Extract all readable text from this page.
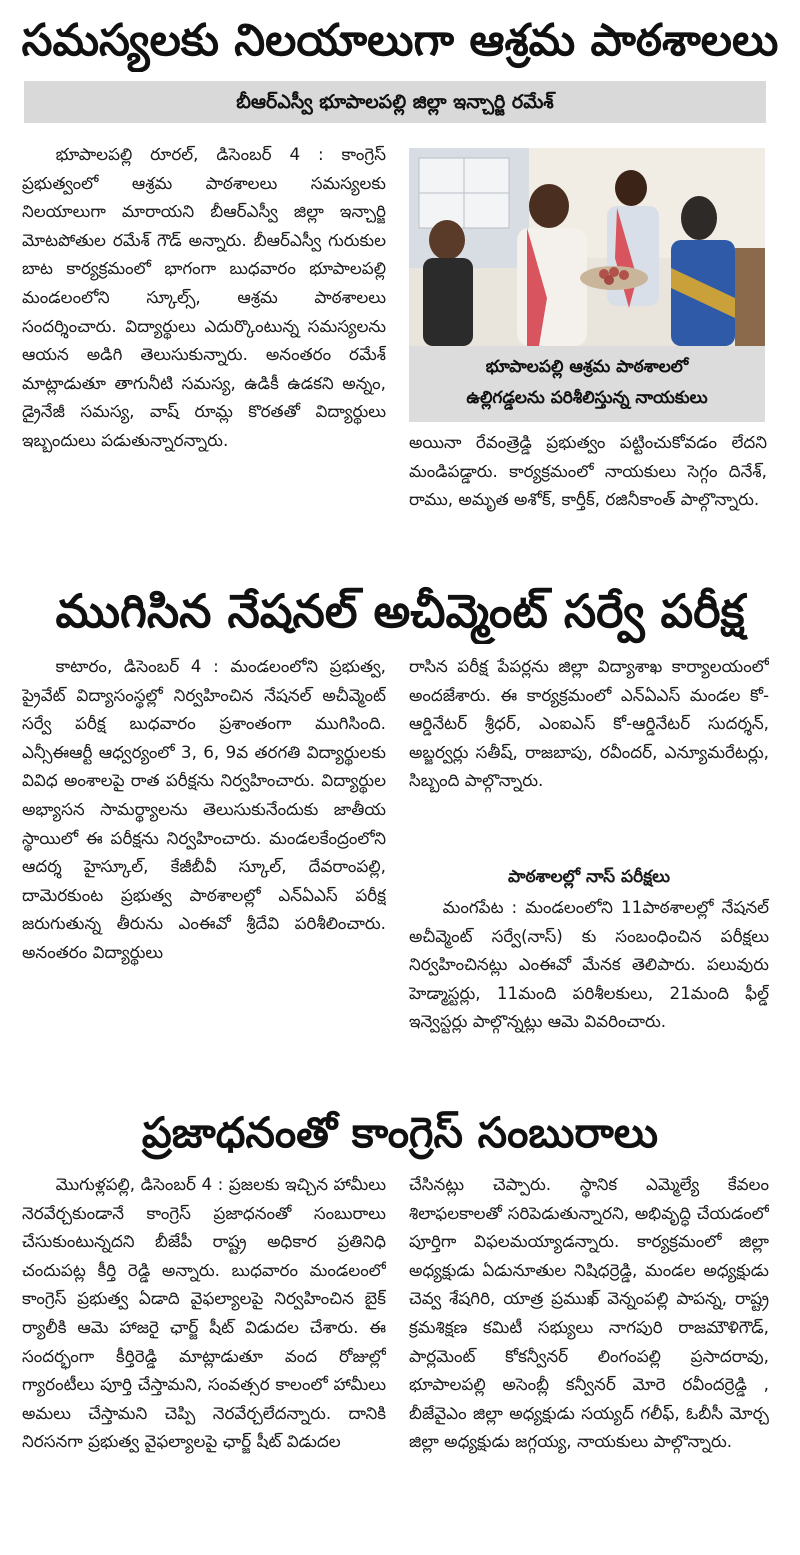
సమస్యలకు నిలయాలుగా ఆశ్రమ పాఠశాలలు
బీఆర్ఎస్వీ భూపాలపల్లి జిల్లా ఇన్చార్జి రమేశ్

భూపాలపల్లి రూరల్, డిసెంబర్ 4 : కాంగ్రెస్ ప్రభుత్వంలో ఆశ్రమ పాఠశాలలు సమస్యలకు నిలయాలుగా మారాయని బీఆర్ఎస్వీ జిల్లా ఇన్చార్జి మోటపోతుల రమేశ్ గౌడ్ అన్నారు. బీఆర్ఎస్వీ గురుకుల బాట కార్యక్రమంలో భాగంగా బుధవారం భూపాలపల్లి మండలంలోని స్కూల్స్, ఆశ్రమ పాఠశాలలు సందర్శించారు. విద్యార్థులు ఎదుర్కొంటున్న సమస్యలను ఆయన అడిగి తెలుసుకున్నారు. అనంతరం రమేశ్ మాట్లాడుతూ తాగునీటి సమస్య, ఉడికీ ఉడకని అన్నం, డ్రైనేజీ సమస్య, వాష్ రూమ్ల కొరతతో విద్యార్థులు ఇబ్బందులు పడుతున్నారన్నారు.

భూపాలపల్లి ఆశ్రమ పాఠశాలలో
ఉల్లిగడ్డలను పరిశీలిస్తున్న నాయకులు

అయినా రేవంత్రెడ్డి ప్రభుత్వం పట్టించుకోవడం లేదని మండిపడ్డారు. కార్యక్రమంలో నాయకులు సెగ్గం దినేశ్, రాము, అమృత అశోక్, కార్తీక్, రజినీకాంత్ పాల్గొన్నారు.

ముగిసిన నేషనల్ అచీవ్మెంట్ సర్వే పరీక్ష

కాటారం, డిసెంబర్ 4 : మండలంలోని ప్రభుత్వ, ప్రైవేట్ విద్యాసంస్థల్లో నిర్వహించిన నేషనల్ అచీవ్మెంట్ సర్వే పరీక్ష బుధవారం ప్రశాంతంగా ముగిసింది. ఎన్సీఈఆర్టీ ఆధ్వర్యంలో 3, 6, 9వ తరగతి విద్యార్థులకు వివిధ అంశాలపై రాత పరీక్షను నిర్వహించారు. విద్యార్థుల అభ్యాసన సామర్థ్యాలను తెలుసుకునేందుకు జాతీయ స్థాయిలో ఈ పరీక్షను నిర్వహించారు. మండలకేంద్రంలోని ఆదర్శ హైస్కూల్, కేజీబీవీ స్కూల్, దేవరాంపల్లి, దామెరకుంట ప్రభుత్వ పాఠశాలల్లో ఎన్ఏఎస్ పరీక్ష జరుగుతున్న తీరును ఎంఈవో శ్రీదేవి పరిశీలించారు. అనంతరం విద్యార్థులు

రాసిన పరీక్ష పేపర్లను జిల్లా విద్యాశాఖ కార్యాలయంలో అందజేశారు. ఈ కార్యక్రమంలో ఎన్ఏఎస్ మండల కో-ఆర్డినేటర్ శ్రీధర్, ఎంఐఎస్ కో-ఆర్డినేటర్ సుదర్శన్, అబ్జర్వర్లు సతీష్, రాజబాపు, రవీందర్, ఎన్యూమరేటర్లు, సిబ్బంది పాల్గొన్నారు.

పాఠశాలల్లో నాస్ పరీక్షలు

మంగపేట : మండలంలోని 11పాఠశాలల్లో నేషనల్ అచీవ్మెంట్ సర్వే(నాస్) కు సంబంధించిన పరీక్షలు నిర్వహించినట్లు ఎంఈవో మేనక తెలిపారు. పలువురు హెడ్మాస్టర్లు, 11మంది పరిశీలకులు, 21మంది ఫీల్డ్ ఇన్వెస్టర్లు పాల్గొన్నట్లు ఆమె వివరించారు.

ప్రజాధనంతో కాంగ్రెస్ సంబురాలు

మొగుళ్లపల్లి, డిసెంబర్ 4 : ప్రజలకు ఇచ్చిన హామీలు నెరవేర్చకుండానే కాంగ్రెస్ ప్రజాధనంతో సంబురాలు చేసుకుంటున్నదని బీజేపీ రాష్ట్ర అధికార ప్రతినిధి చందుపట్ల కీర్తి రెడ్డి అన్నారు. బుధవారం మండలంలో కాంగ్రెస్ ప్రభుత్వ ఏడాది వైఫల్యాలపై నిర్వహించిన బైక్ ర్యాలీకి ఆమె హాజరై ఛార్జ్ షీట్ విడుదల చేశారు. ఈ సందర్భంగా కీర్తిరెడ్డి మాట్లాడుతూ వంద రోజుల్లో గ్యారంటీలు పూర్తి చేస్తామని, సంవత్సర కాలంలో హామీలు అమలు చేస్తామని చెప్పి నెరవేర్చలేదన్నారు. దానికి నిరసనగా ప్రభుత్వ వైఫల్యాలపై ఛార్జ్ షీట్ విడుదల

చేసినట్లు చెప్పారు. స్థానిక ఎమ్మెల్యే కేవలం శిలాఫలకాలతో సరిపెడుతున్నారని, అభివృద్ధి చేయడంలో పూర్తిగా విఫలమయ్యాడన్నారు. కార్యక్రమంలో జిల్లా అధ్యక్షుడు ఏడునూతుల నిషిధర్రెడ్డి, మండల అధ్యక్షుడు చెవ్వ శేషగిరి, యాత్ర ప్రముఖ్ వెన్నంపల్లి పాపన్న, రాష్ట్ర క్రమశిక్షణ కమిటీ సభ్యులు నాగపురి రాజమౌళిగౌడ్, పార్లమెంట్ కోకన్వీనర్ లింగంపల్లి ప్రసాదరావు, భూపాలపల్లి అసెంబ్లీ కన్వీనర్ మోరె రవీందర్రెడ్డి , బీజేవైఎం జిల్లా అధ్యక్షుడు సయ్యద్ గలీఫ్, ఓబీసీ మోర్చ జిల్లా అధ్యక్షుడు జగ్గయ్య, నాయకులు పాల్గొన్నారు.
